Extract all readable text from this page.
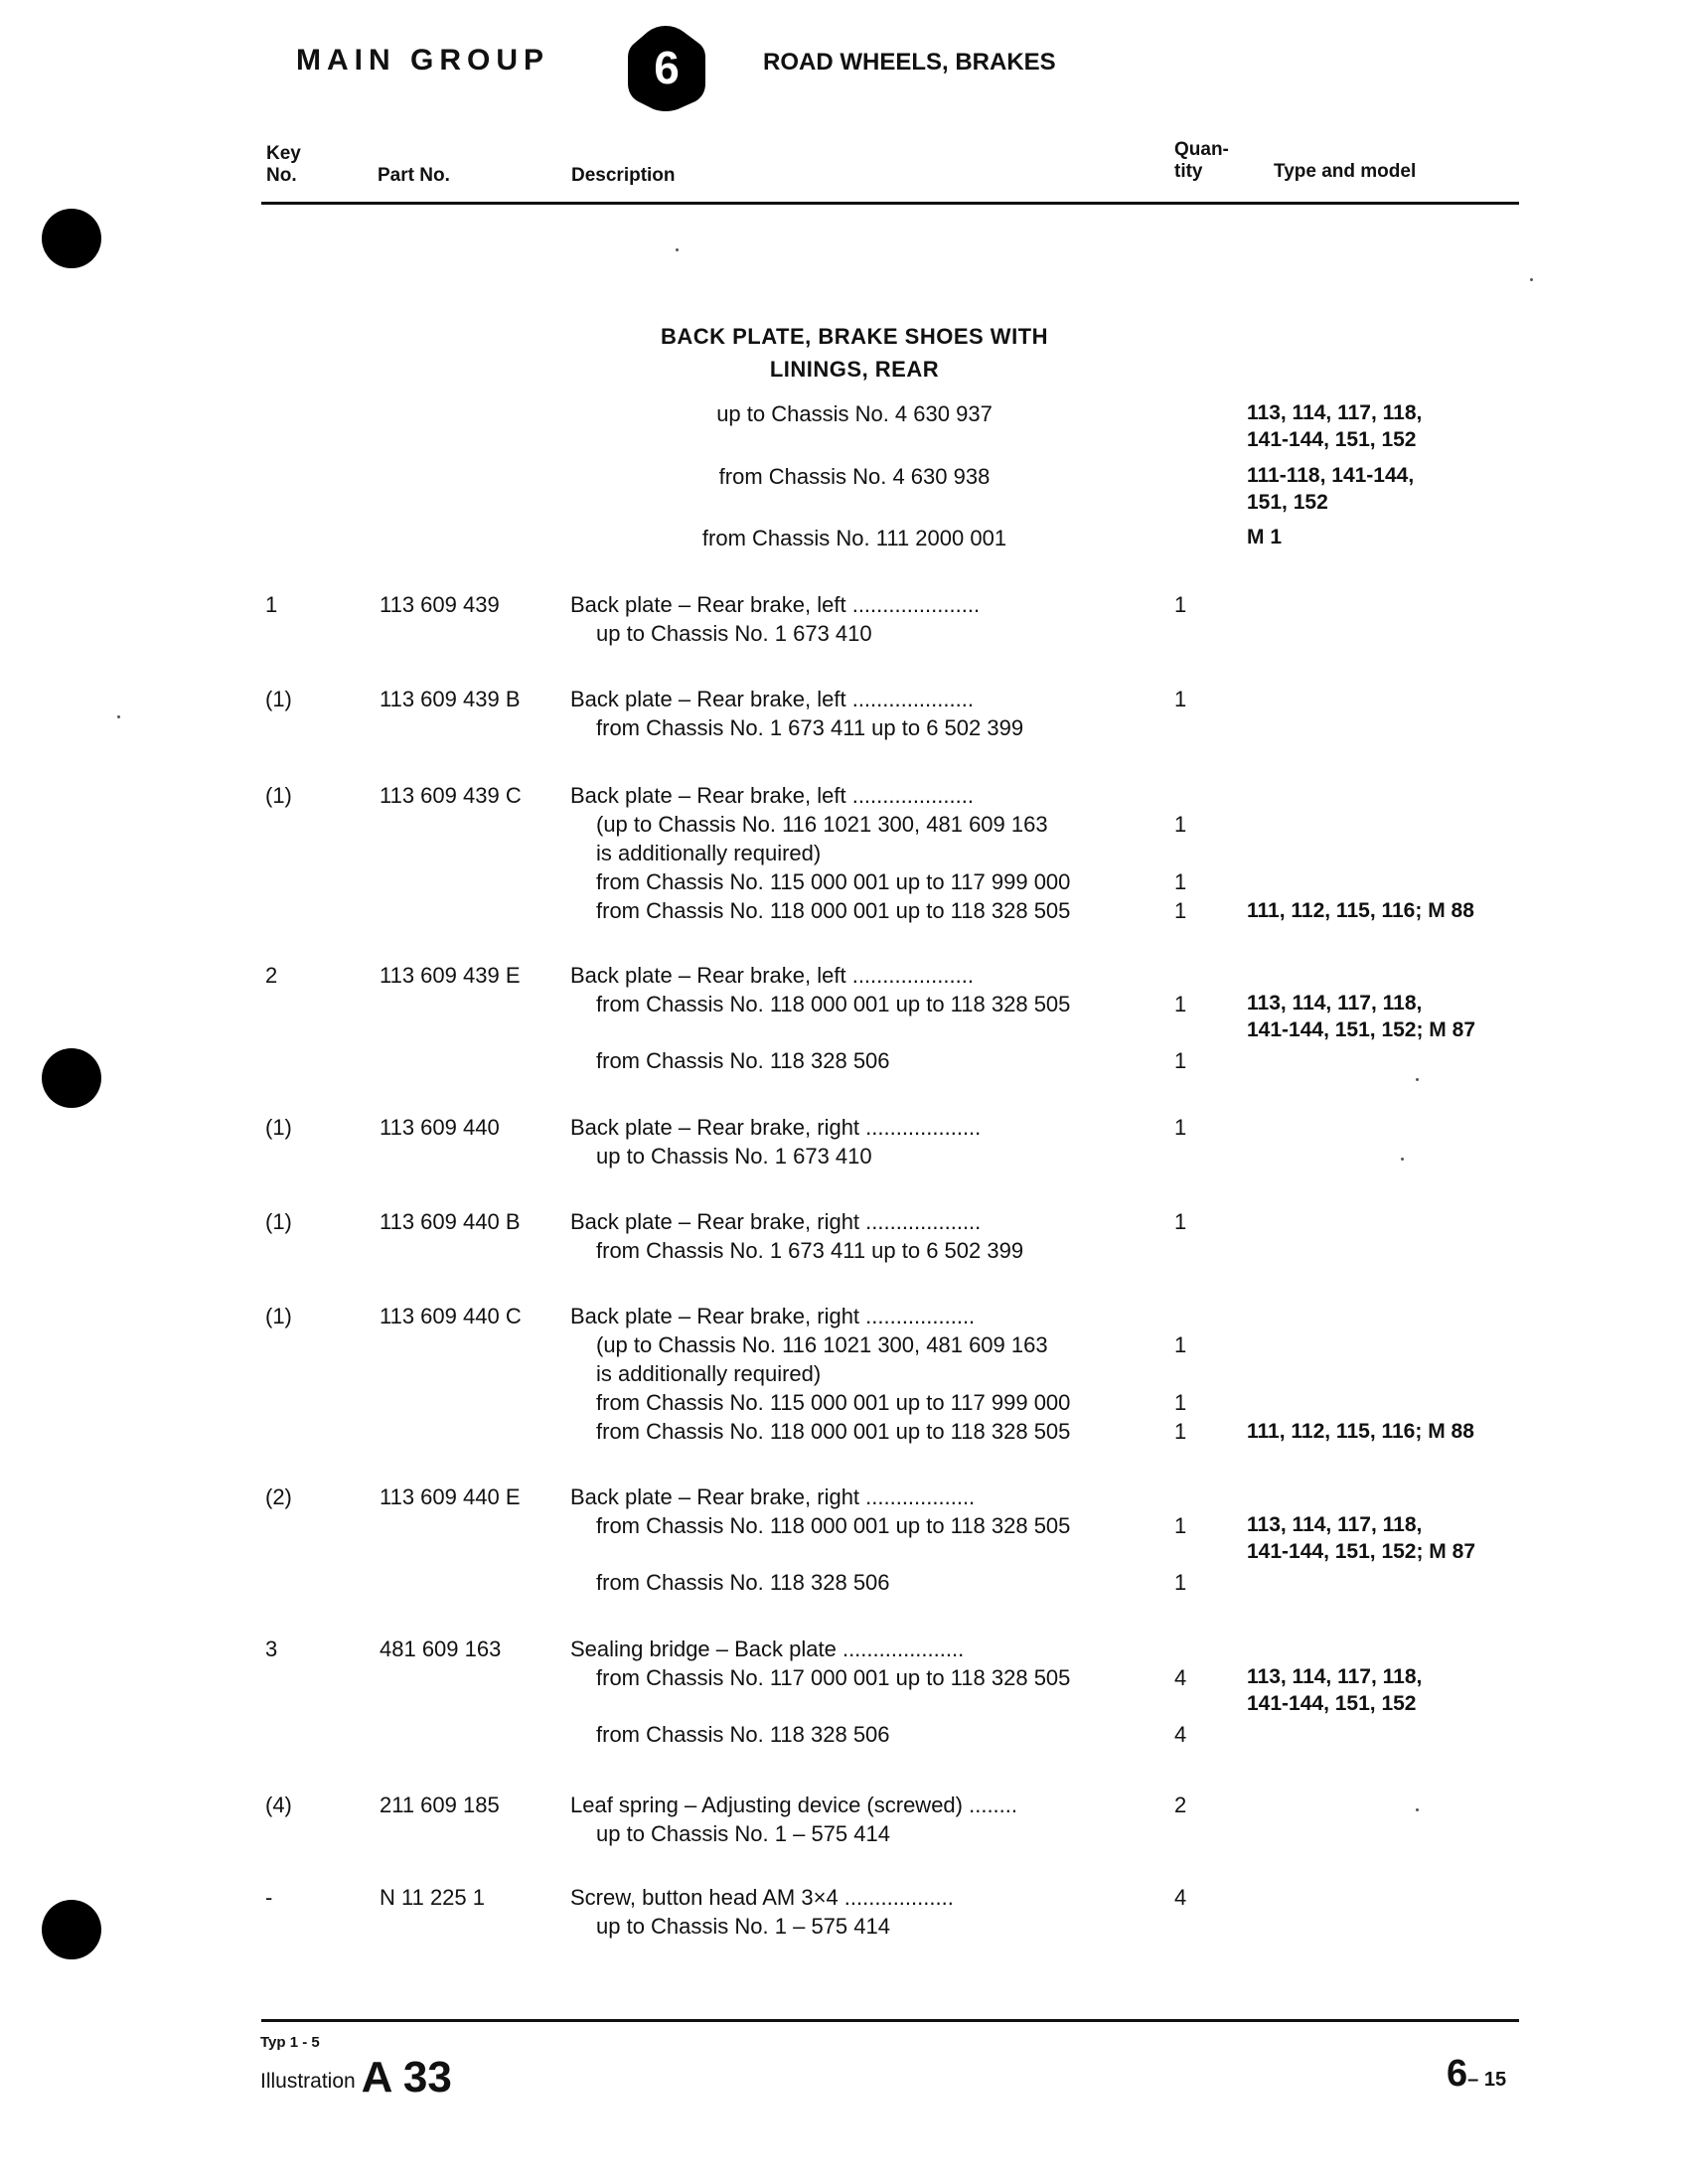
MAIN GROUP 6	ROAD WHEELS, BRAKES
Key
No.	Part No.	Description
Quan-
tity	Type and model
BACK PLATE, BRAKE SHOES WITH
LININGS, REAR
up to Chassis No. 4 630 937	113, 114, 117, 118,
141-144, 151, 152
from Chassis No. 4 630 938	111-118, 141-144,
151, 152
from Chassis No. 111 2000 001	M 1
1	113 609 439	Back plate – Rear brake, left .....................	1
up to Chassis No. 1 673 410
(1)	113 609 439 B Back plate – Rear brake, left ....................	1
from Chassis No. 1 673 411 up to 6 502 399
(1)	113 609 439 C Back plate – Rear brake, left ....................
(up to Chassis No. 116 1021 300, 481 609 163	1
is additionally required)
from Chassis No. 115 000 001 up to 117 999 000	1
from Chassis No. 118 000 001 up to 118 328 505	1	111, 112, 115, 116; M 88
2	113 609 439 E Back plate – Rear brake, left ....................
from Chassis No. 118 000 001 up to 118 328 505	1	113, 114, 117, 118,
141-144, 151, 152; M 87
from Chassis No. 118 328 506	1
(1)	113 609 440	Back plate – Rear brake, right ...................	1
up to Chassis No. 1 673 410
(1)	113 609 440 B Back plate – Rear brake, right ...................	1
from Chassis No. 1 673 411 up to 6 502 399
(1)	113 609 440 C Back plate – Rear brake, right ..................
(up to Chassis No. 116 1021 300, 481 609 163	1
is additionally required)
from Chassis No. 115 000 001 up to 117 999 000	1
from Chassis No. 118 000 001 up to 118 328 505	1	111, 112, 115, 116; M 88
(2)	113 609 440 E Back plate – Rear brake, right ..................
from Chassis No. 118 000 001 up to 118 328 505	1	113, 114, 117, 118,
141-144, 151, 152; M 87
from Chassis No. 118 328 506	1
3	481 609 163	Sealing bridge – Back plate ....................
from Chassis No. 117 000 001 up to 118 328 505	4	113, 114, 117, 118,
141-144, 151, 152
from Chassis No. 118 328 506	4
(4)	211 609 185	Leaf spring – Adjusting device (screwed) ........	2
up to Chassis No. 1 – 575 414
-	N 11 225 1	Screw, button head AM 3×4 ..................	4
up to Chassis No. 1 – 575 414
Typ 1 - 5
Illustration A 33	6– 15
